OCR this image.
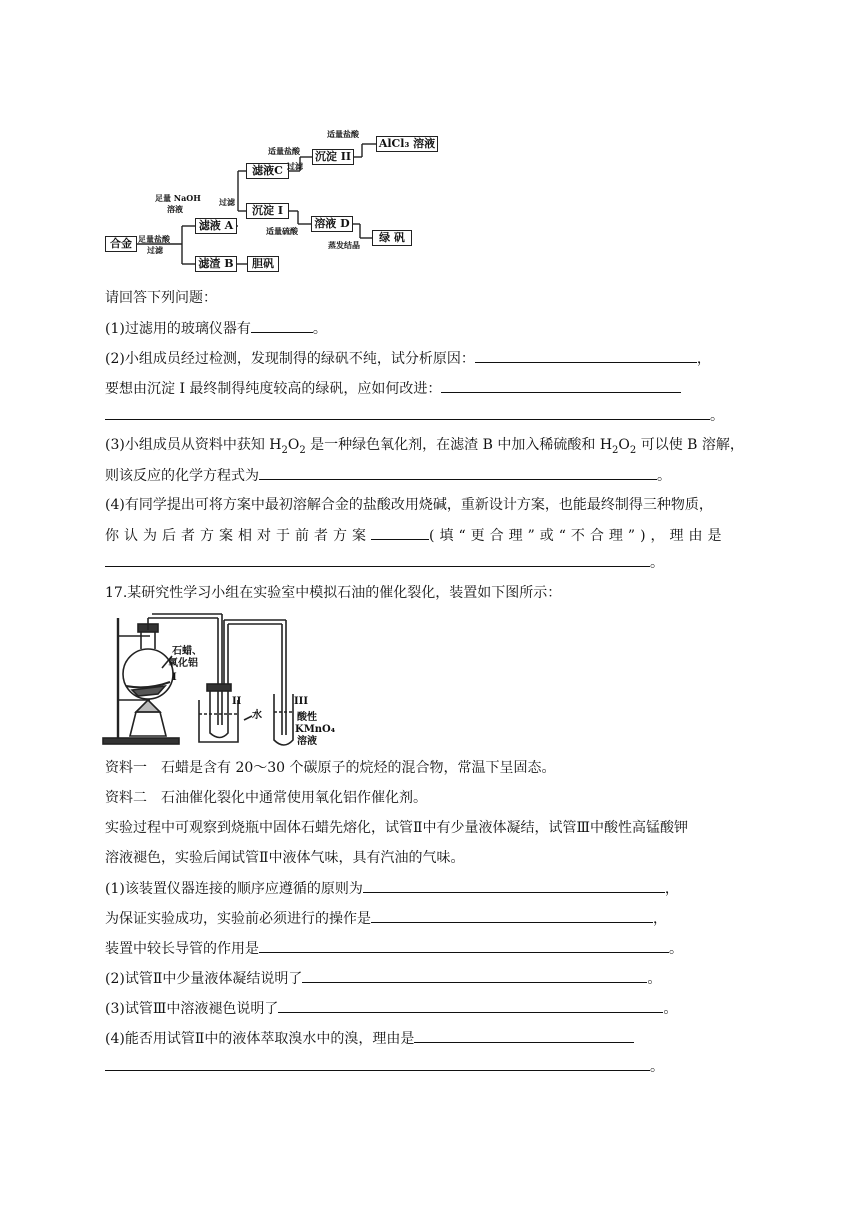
合金
滤液 A
滤渣 B	胆矾
滤液C
沉淀 I
沉淀 II
AlCl₃ 溶液
溶液 D
绿 矾
足量盐酸
过滤
足量 NaOH
溶液
过滤
适量盐酸
过滤
适量盐酸
适量硫酸
蒸发结晶
请回答下列问题：
(1)过滤用的玻璃仪器有	。
(2)小组成员经过检测，发现制得的绿矾不纯，试分析原因：	，
要想由沉淀 I 最终制得纯度较高的绿矾，应如何改进：
。
(3)小组成员从资料中获知 $H_2O_2$ 是一种绿色氧化剂，在滤渣 B 中加入稀硫酸和 $H_2O_2$ 可以使 B 溶解，
则该反应的化学方程式为	。
(4)有同学提出可将方案中最初溶解合金的盐酸改用烧碱，重新设计方案，也能最终制得三种物质，
你认为后者方案相对于前者方案	(填“更合理”或“不合理”)，理由是
。
17.某研究性学习小组在实验室中模拟石油的催化裂化，装置如下图所示：
石蜡、
氧化铝
I
II
水
III
酸性
KMnO₄
溶液
资料一　石蜡是含有 20～30 个碳原子的烷烃的混合物，常温下呈固态。
资料二　石油催化裂化中通常使用氧化铝作催化剂。
实验过程中可观察到烧瓶中固体石蜡先熔化，试管Ⅱ中有少量液体凝结，试管Ⅲ中酸性高锰酸钾
溶液褪色，实验后闻试管Ⅱ中液体气味，具有汽油的气味。
(1)该装置仪器连接的顺序应遵循的原则为	，
为保证实验成功，实验前必须进行的操作是	，
装置中较长导管的作用是	。
(2)试管Ⅱ中少量液体凝结说明了	。
(3)试管Ⅲ中溶液褪色说明了	。
(4)能否用试管Ⅱ中的液体萃取溴水中的溴，理由是
。
